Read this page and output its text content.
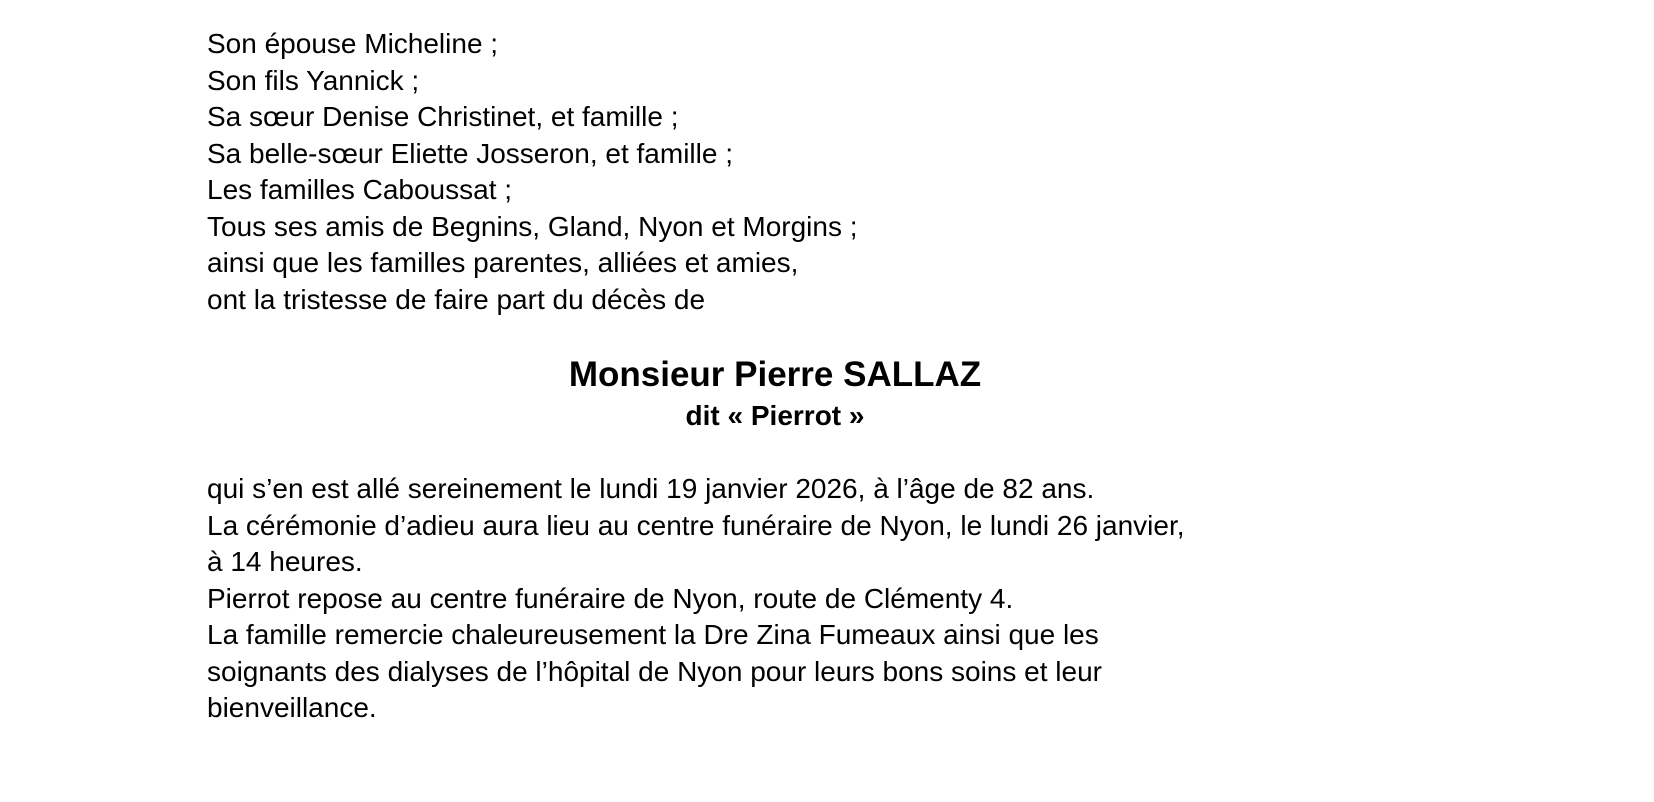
Son épouse Micheline ;
Son fils Yannick ;
Sa sœur Denise Christinet, et famille ;
Sa belle-sœur Eliette Josseron, et famille ;
Les familles Caboussat ;
Tous ses amis de Begnins, Gland, Nyon et Morgins ;
ainsi que les familles parentes, alliées et amies,
ont la tristesse de faire part du décès de
Monsieur Pierre SALLAZ
dit « Pierrot »
qui s’en est allé sereinement le lundi 19 janvier 2026, à l’âge de 82 ans.
La cérémonie d’adieu aura lieu au centre funéraire de Nyon, le lundi 26 janvier,
à 14 heures.
Pierrot repose au centre funéraire de Nyon, route de Clémenty 4.
La famille remercie chaleureusement la Dre Zina Fumeaux ainsi que les
soignants des dialyses de l’hôpital de Nyon pour leurs bons soins et leur
bienveillance.
